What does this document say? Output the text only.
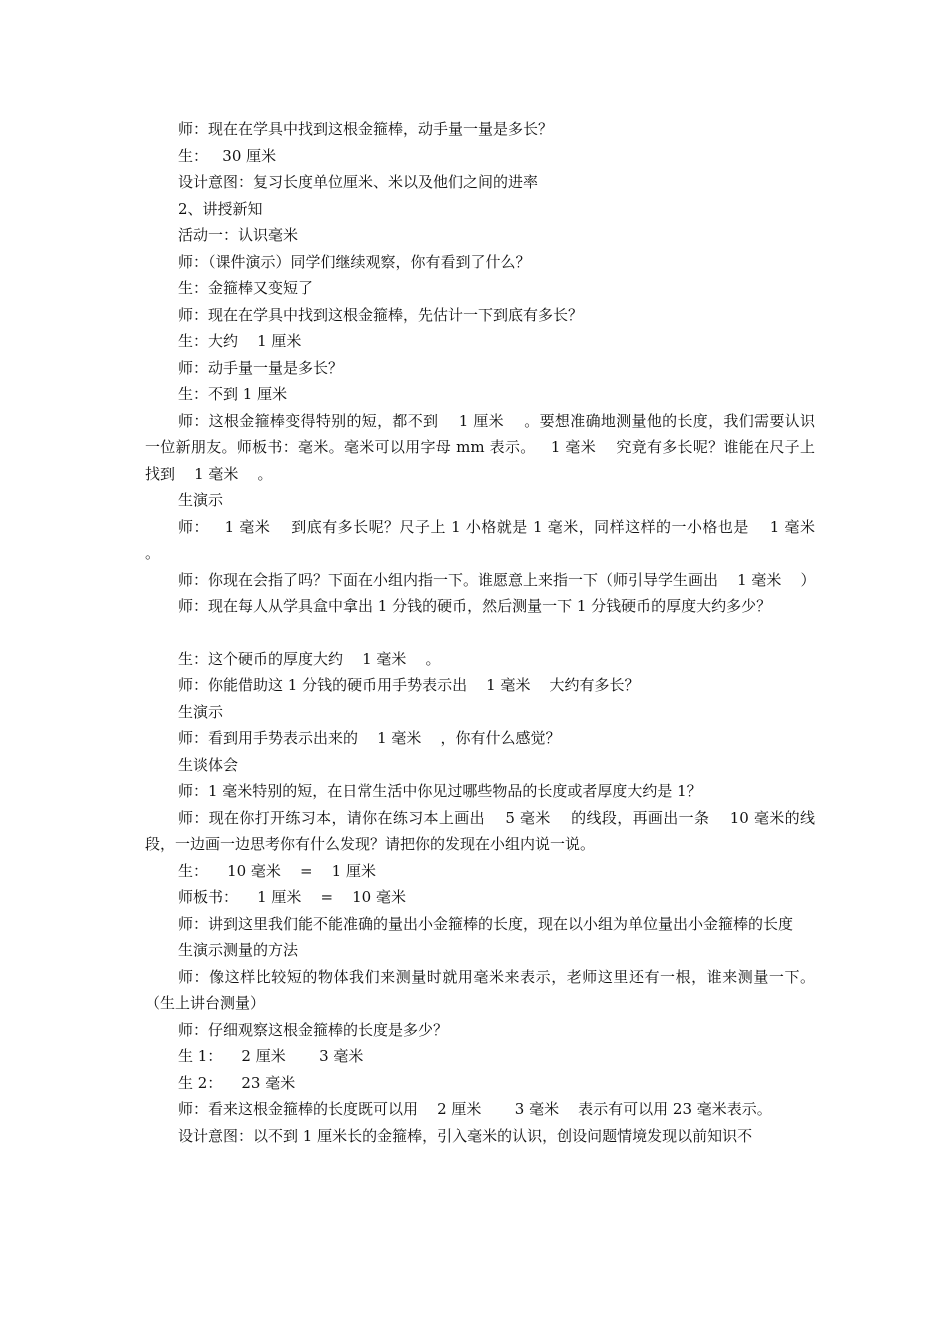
师：现在在学具中找到这根金箍棒，动手量一量是多长？

生：   30 厘米

设计意图：复习长度单位厘米、米以及他们之间的进率

2、讲授新知

活动一：认识毫米

师：（课件演示）同学们继续观察，你有看到了什么？

生：金箍棒又变短了

师：现在在学具中找到这根金箍棒，先估计一下到底有多长？

生：大约    1 厘米

师：动手量一量是多长？

生：不到 1 厘米

师：这根金箍棒变得特别的短，都不到    1 厘米    。要想准确地测量他的长度，我们需要认识一位新朋友。师板书：毫米。毫米可以用字母 mm 表示。   1 毫米    究竟有多长呢？谁能在尺子上找到    1 毫米    。

生演示

师：   1 毫米    到底有多长呢？尺子上 1 小格就是 1 毫米，同样这样的一小格也是    1 毫米    。

师：你现在会指了吗？下面在小组内指一下。谁愿意上来指一下（师引导学生画出    1 毫米    ）

师：现在每人从学具盒中拿出 1 分钱的硬币，然后测量一下 1 分钱硬币的厚度大约多少？

生：这个硬币的厚度大约    1 毫米    。

师：你能借助这 1 分钱的硬币用手势表示出    1 毫米    大约有多长？

生演示

师：看到用手势表示出来的    1 毫米    ，你有什么感觉？

生谈体会

师：1 毫米特别的短，在日常生活中你见过哪些物品的长度或者厚度大约是 1？

师：现在你打开练习本，请你在练习本上画出    5 毫米    的线段，再画出一条    10 毫米的线段，一边画一边思考你有什么发现？请把你的发现在小组内说一说。

生：    10 毫米    =    1 厘米

师板书：    1 厘米    =    10 毫米

师：讲到这里我们能不能准确的量出小金箍棒的长度，现在以小组为单位量出小金箍棒的长度

生演示测量的方法

师：像这样比较短的物体我们来测量时就用毫米来表示，老师这里还有一根，谁来测量一下。（生上讲台测量）

师：仔细观察这根金箍棒的长度是多少？

生 1：    2 厘米       3 毫米

生 2：    23 毫米

师：看来这根金箍棒的长度既可以用    2 厘米       3 毫米    表示有可以用 23 毫米表示。

设计意图：以不到 1 厘米长的金箍棒，引入毫米的认识，创设问题情境发现以前知识不
